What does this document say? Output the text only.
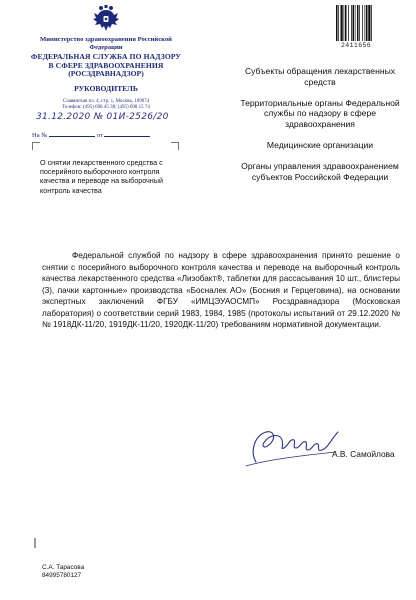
Министерство здравоохранения Российской Федерации
ФЕДЕРАЛЬНАЯ СЛУЖБА ПО НАДЗОРУ В СФЕРЕ ЗДРАВООХРАНЕНИЯ
(РОСЗДРАВНАДЗОР)
РУКОВОДИТЕЛЬ
Славянская пл. 4, стр. 1, Москва, 109074
Телефон: (495) 698 45 38; (495) 698 15 74
31.12.2020 № 01И-2526/20
На №	от
О снятии лекарственного средства с посерийного выборочного контроля качества и переводе на выборочный контроль качества
2411656
Субъекты обращения лекарственных средств
Территориальные органы Федеральной службы по надзору в сфере здравоохранения
Медицинские организации
Органы управления здравоохранением субъектов Российской Федерации
Федеральной службой по надзору в сфере здравоохранения принято решение о снятии с посерийного выборочного контроля качества и переводе на выборочный контроль качества лекарственного средства «Лизобакт®, таблетки для рассасывания 10 шт., блистеры (3), пачки картонные» производства «Босналек АО» (Босния и Герцеговина), на основании экспертных заключений ФГБУ «ИМЦЭУАОСМП» Росздравнадзора (Московская лаборатория) о соответствии серий 1983, 1984, 1985 (протоколы испытаний от 29.12.2020 №№ 1918ДК-11/20, 1919ДК-11/20, 1920ДК-11/20) требованиям нормативной документации.
А.В. Самойлова
С.А. Тарасова
84995780127
